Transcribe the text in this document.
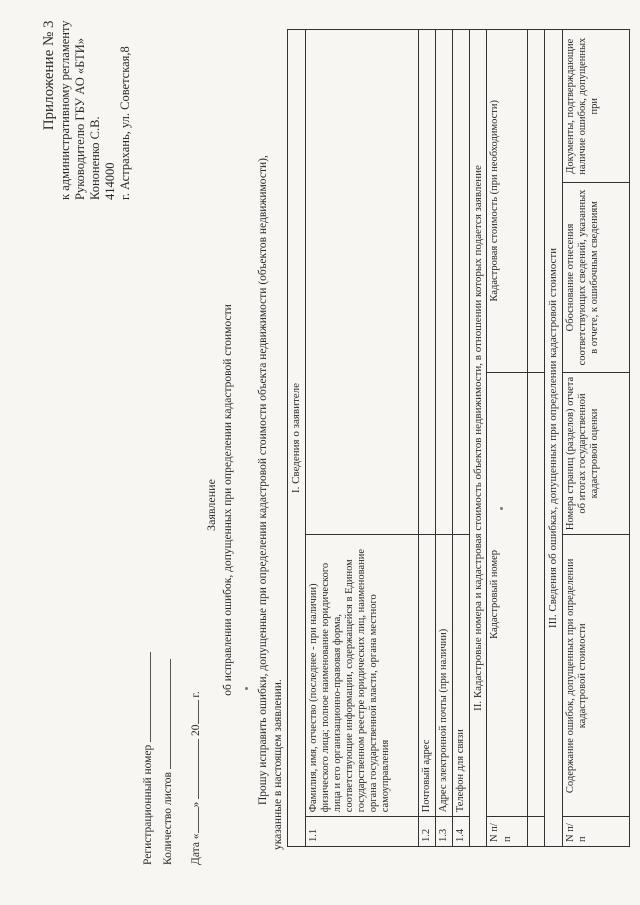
Приложение № 3 к административному регламенту Руководителю ГБУ АО «БТИ» Кононенко С.В. 414000 г. Астрахань, ул. Советская,8
Регистрационный номер Количество листов Дата «»  20 г.
Заявление об исправлении ошибок, допущенных при определении кадастровой стоимости Прошу исправить ошибки, допущенные при определении кадастровой стоимости объекта недвижимости (объектов недвижимости), указанные в настоящем заявлении.
I. Сведения о заявителе				
1.1	Фамилия, имя, отчество (последнее - при наличии) физического лица; полное наименование юридического лица и его организационно-правовая форма, соответствующие информации, содержащейся в Едином государственном реестре юридических лиц, наименование органа государственной власти, органа местного самоуправления			
1.2	Почтовый адрес			
1.3	Адрес электронной почты (при наличии)			
1.4	Телефон для связи			
II. Кадастровые номера и кадастровая стоимость объектов недвижимости, в отношении которых подается заявление				
N п/п	Кадастровый номер		Кадастровая стоимость (при необходимости)	

III. Сведения об ошибках, допущенных при определении кадастровой стоимости				
N п/п	Содержание ошибок, допущенных при определении кадастровой стоимости	Номера страниц (разделов) отчета об итогах государственной кадастровой оценки	Обоснование отнесения соответствующих сведений, указанных в отчете, к ошибочным сведениям	Документы, подтверждающие наличие ошибок, допущенных при
